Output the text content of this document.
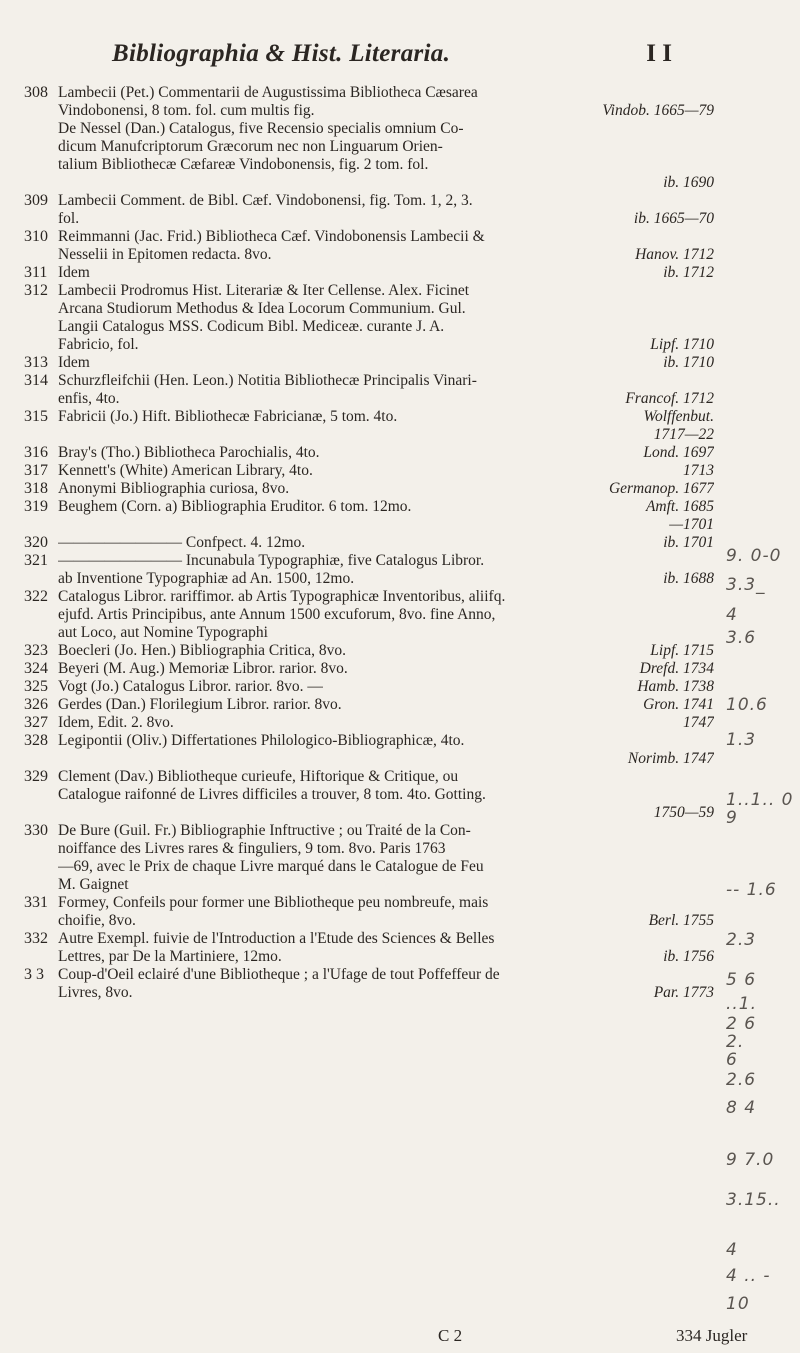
Bibliographia & Hist. Literaria.	I I
308 Lambecii (Pet.) Commentarii de Augustissima Bibliotheca Cæsarea
Vindobonensi, 8 tom. fol. cum multis fig.	Vindob. 1665—79
De Nessel (Dan.) Catalogus, five Recensio specialis omnium Co-
dicum Manufcriptorum Græcorum nec non Linguarum Orien-
talium Bibliothecæ Cæfareæ Vindobonensis, fig. 2 tom. fol.

ib. 1690
309 Lambecii Comment. de Bibl. Cæf. Vindobonensi, fig. Tom. 1, 2, 3.
fol.	ib. 1665—70
310 Reimmanni (Jac. Frid.) Bibliotheca Cæf. Vindobonensis Lambecii &
Nesselii in Epitomen redacta. 8vo.	Hanov. 1712
311 Idem	ib. 1712
312 Lambecii Prodromus Hist. Literariæ & Iter Cellense. Alex. Ficinet
Arcana Studiorum Methodus & Idea Locorum Communium. Gul.
Langii Catalogus MSS. Codicum Bibl. Mediceæ. curante J. A.
Fabricio, fol.	Lipf. 1710
313 Idem	ib. 1710
314 Schurzfleifchii (Hen. Leon.) Notitia Bibliothecæ Principalis Vinari-
enfis, 4to.	Francof. 1712
315 Fabricii (Jo.) Hift. Bibliothecæ Fabricianæ, 5 tom. 4to.	Wolffenbut.

1717—22
316 Bray's (Tho.) Bibliotheca Parochialis, 4to.	Lond. 1697
317 Kennett's (White) American Library, 4to.	1713
318 Anonymi Bibliographia curiosa, 8vo.	Germanop. 1677
319 Beughem (Corn. a) Bibliographia Eruditor. 6 tom. 12mo.	Amft. 1685

—1701
320 ———————— Confpect. 4. 12mo.	ib. 1701
321 ———————— Incunabula Typographiæ, five Catalogus Libror.
ab Inventione Typographiæ ad An. 1500, 12mo.	ib. 1688
322 Catalogus Libror. rariffimor. ab Artis Typographicæ Inventoribus, aliifq.
ejufd. Artis Principibus, ante Annum 1500 excuforum, 8vo. fine Anno,
aut Loco, aut Nomine Typographi
323 Boecleri (Jo. Hen.) Bibliographia Critica, 8vo.	Lipf. 1715
324 Beyeri (M. Aug.) Memoriæ Libror. rarior. 8vo.	Drefd. 1734
325 Vogt (Jo.) Catalogus Libror. rarior. 8vo. —	Hamb. 1738
326 Gerdes (Dan.) Florilegium Libror. rarior. 8vo.	Gron. 1741
327 Idem, Edit. 2. 8vo.	1747
328 Legipontii (Oliv.) Differtationes Philologico-Bibliographicæ, 4to.

Norimb. 1747
329 Clement (Dav.) Bibliotheque curieufe, Hiftorique & Critique, ou
Catalogue raifonné de Livres difficiles a trouver, 8 tom. 4to. Gotting.

1750—59
330 De Bure (Guil. Fr.) Bibliographie Inftructive ; ou Traité de la Con-
noiffance des Livres rares & finguliers, 9 tom. 8vo. Paris 1763
—69, avec le Prix de chaque Livre marqué dans le Catalogue de Feu
M. Gaignet
331 Formey, Confeils pour former une Bibliotheque peu nombreufe, mais
choifie, 8vo.	Berl. 1755
332 Autre Exempl. fuivie de l'Introduction a l'Etude des Sciences & Belles
Lettres, par De la Martiniere, 12mo.	ib. 1756
3 3 Coup-d'Oeil eclairé d'une Bibliotheque ; a l'Ufage de tout Poffeffeur de
Livres, 8vo.	Par. 1773
9. 0-0
3.3_
4
3.6
10.6
1.3
1..1.. 0
9
-- 1.6
2.3
5 6
..1.
2 6
2.
6
2.6
8 4
9 7.0
3.15..
4
4 .. -
10
C 2	334 Jugler
